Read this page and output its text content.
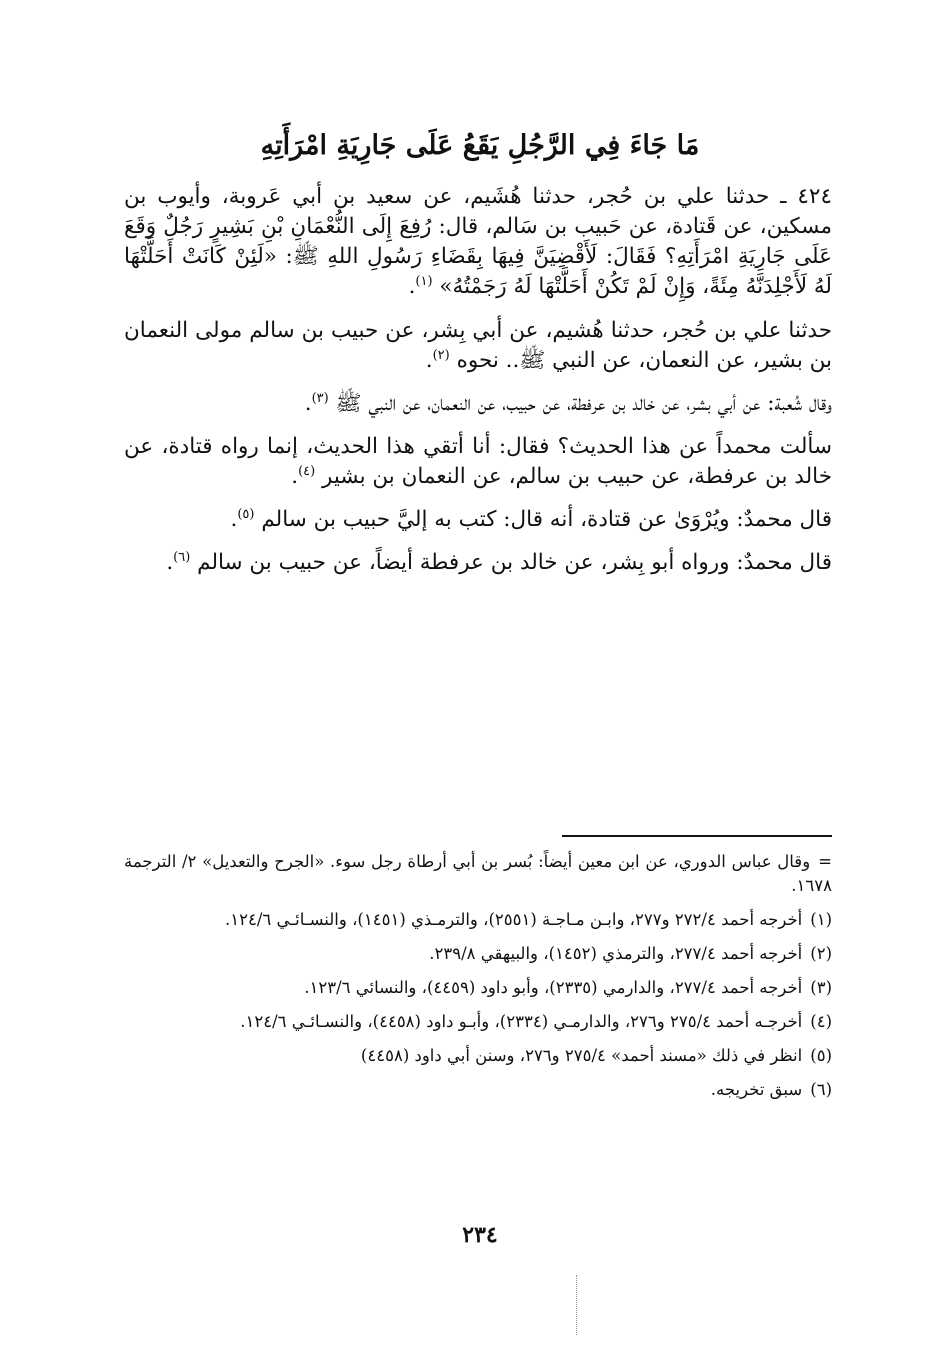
مَا جَاءَ فِي الرَّجُلِ يَقَعُ عَلَى جَارِيَةِ امْرَأَتِهِ

٤٢٤ ـ حدثنا علي بن حُجر، حدثنا هُشَيم، عن سعيد بن أبي عَروبة، وأيوب بن مسكين، عن قَتادة، عن حَبيب بن سَالم، قال: رُفِعَ إِلَى النُّعْمَانِ بْنِ بَشِيرٍ رَجُلٌ وَقَعَ عَلَى جَارِيَةِ امْرَأَتِهِ؟ فَقَالَ: لَأَقْضِيَنَّ فِيهَا بِقَضَاءِ رَسُولِ اللهِ ﷺ: «لَئِنْ كَانَتْ أَحَلَّتْهَا لَهُ لَأَجْلِدَنَّهُ مِئَةً، وَإِنْ لَمْ تَكُنْ أَحَلَّتْهَا لَهُ رَجَمْتُهُ» $^{(١)}$.

حدثنا علي بن حُجر، حدثنا هُشيم، عن أبي بِشر، عن حبيب بن سالم مولى النعمان بن بشير، عن النعمان، عن النبي ﷺ.. نحوه $^{(٢)}$.

وقال شُعبة: عن أبي بشر، عن خالد بن عرفطة، عن حبيب، عن النعمان، عن النبي ﷺ $^{(٣)}$.

سألت محمداً عن هذا الحديث؟ فقال: أنا أتقي هذا الحديث، إنما رواه قتادة، عن خالد بن عرفطة، عن حبيب بن سالم، عن النعمان بن بشير $^{(٤)}$.

قال محمدٌ: ويُرْوَىٰ عن قتادة، أنه قال: كتب به إليَّ حبيب بن سالم $^{(٥)}$.

قال محمدٌ: ورواه أبو بِشر، عن خالد بن عرفطة أيضاً، عن حبيب بن سالم $^{(٦)}$.

=وقال عباس الدوري، عن ابن معين أيضاً: بُسر بن أبي أرطاة رجل سوء. «الجرح والتعديل» ٢/ الترجمة ١٦٧٨.

(١)أخرجه أحمد ٢٧٢/٤ و٢٧٧، وابـن مـاجـة (٢٥٥١)، والترمـذي (١٤٥١)، والنسـائـي ١٢٤/٦.

(٢)أخرجه أحمد ٢٧٧/٤، والترمذي (١٤٥٢)، والبيهقي ٢٣٩/٨.

(٣)أخرجه أحمد ٢٧٧/٤، والدارمي (٢٣٣٥)، وأبو داود (٤٤٥٩)، والنسائي ١٢٣/٦.

(٤)أخرجـه أحمد ٢٧٥/٤ و٢٧٦، والدارمـي (٢٣٣٤)، وأبـو داود (٤٤٥٨)، والنسـائـي ١٢٤/٦.

(٥)انظر في ذلك «مسند أحمد» ٢٧٥/٤ و٢٧٦، وسنن أبي داود (٤٤٥٨)

(٦)سبق تخريجه.

٢٣٤
